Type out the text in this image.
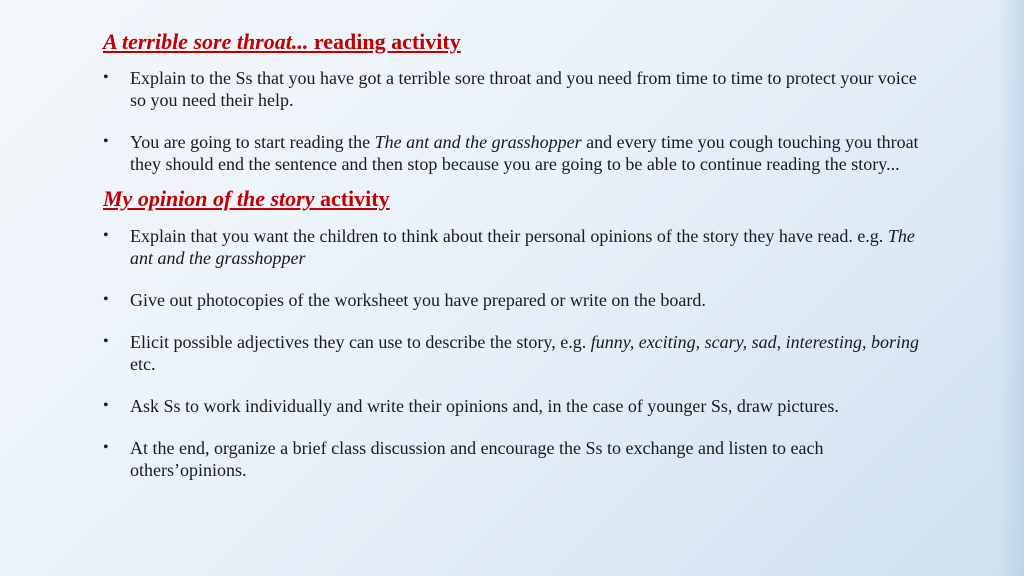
A terrible sore throat... reading activity
• Explain to the Ss that you have got a terrible sore throat and you need from time to time to protect your voice so you need their help.
• You are going to start reading the The ant and the grasshopper and every time you cough touching you throat they should end the sentence and then stop because you are going to be able to continue reading the story...
My opinion of the story activity
• Explain that you want the children to think about their personal opinions of the story they have read. e.g. The ant and the grasshopper
• Give out photocopies of the worksheet you have prepared or write on the board.
• Elicit possible adjectives they can use to describe the story, e.g. funny, exciting, scary, sad, interesting, boring etc.
• Ask Ss to work individually and write their opinions and, in the case of younger Ss, draw pictures.
• At the end, organize a brief class discussion and encourage the Ss to exchange and listen to each others’opinions.
